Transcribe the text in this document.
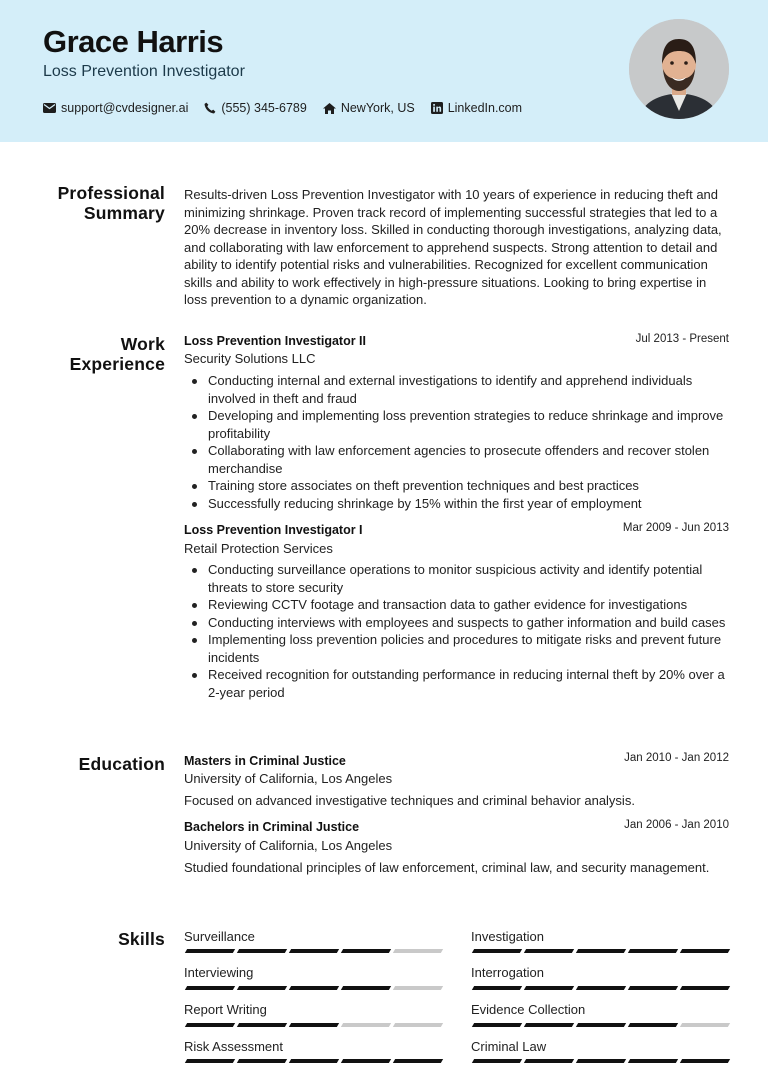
Grace Harris
Loss Prevention Investigator
support@cvdesigner.ai	(555) 345-6789	NewYork, US	LinkedIn.com
Professional
Summary
Results-driven Loss Prevention Investigator with 10 years of experience in reducing theft and minimizing shrinkage. Proven track record of implementing successful strategies that led to a 20% decrease in inventory loss. Skilled in conducting thorough investigations, analyzing data, and collaborating with law enforcement to apprehend suspects. Strong attention to detail and ability to identify potential risks and vulnerabilities. Recognized for excellent communication skills and ability to work effectively in high-pressure situations. Looking to bring expertise in loss prevention to a dynamic organization.
Work
Experience
Loss Prevention Investigator II	Jul 2013 - Present
Security Solutions LLC
Conducting internal and external investigations to identify and apprehend individuals involved in theft and fraud
Developing and implementing loss prevention strategies to reduce shrinkage and improve profitability
Collaborating with law enforcement agencies to prosecute offenders and recover stolen merchandise
Training store associates on theft prevention techniques and best practices
Successfully reducing shrinkage by 15% within the first year of employment
Loss Prevention Investigator I	Mar 2009 - Jun 2013
Retail Protection Services
Conducting surveillance operations to monitor suspicious activity and identify potential threats to store security
Reviewing CCTV footage and transaction data to gather evidence for investigations
Conducting interviews with employees and suspects to gather information and build cases
Implementing loss prevention policies and procedures to mitigate risks and prevent future incidents
Received recognition for outstanding performance in reducing internal theft by 20% over a 2-year period
Education Masters in Criminal Justice	Jan 2010 - Jan 2012
University of California, Los Angeles
Focused on advanced investigative techniques and criminal behavior analysis.
Bachelors in Criminal Justice	Jan 2006 - Jan 2010
University of California, Los Angeles
Studied foundational principles of law enforcement, criminal law, and security management.
Skills Surveillance	Investigation
Interviewing	Interrogation
Report Writing	Evidence Collection
Risk Assessment	Criminal Law
